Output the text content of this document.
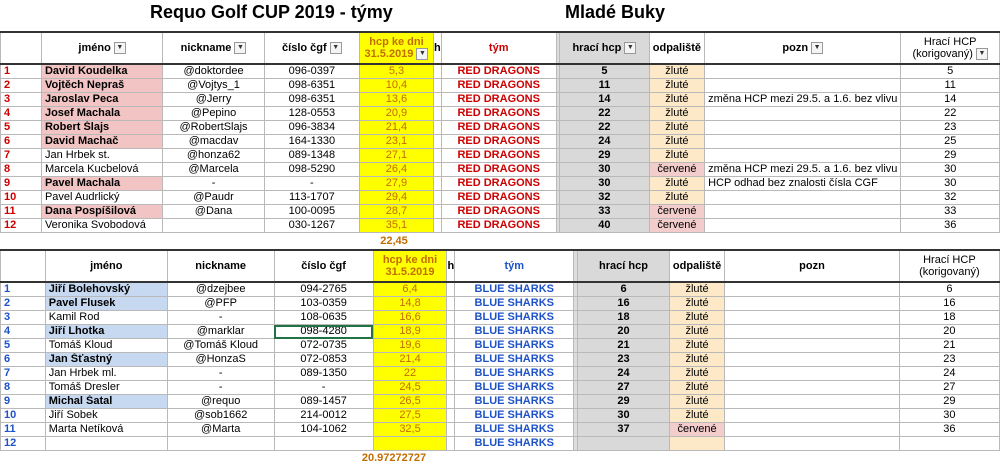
Requo Golf CUP 2019 - týmy	Mladé Buky
	jméno ▼	nickname ▼	číslo čgf ▼	hcp ke dni
31.5.2019 ▼	h	tým		hrací hcp ▼	odpaliště	pozn ▼	Hrací HCP
(korigovaný) ▼
1	David Koudelka	@doktordee	096-0397	5,3		RED DRAGONS		5	žluté		5
2	Vojtěch Nepraš	@Vojtys_1	098-6351	10,4		RED DRAGONS		11	žluté		11
3	Jaroslav Peca	@Jerry	098-6351	13,6		RED DRAGONS		14	žluté	změna HCP mezi 29.5. a 1.6. bez vlivu	14
4	Josef Machala	@Pepino	128-0553	20,9		RED DRAGONS		22	žluté		22
5	Robert Šlajs	@RobertSlajs	096-3834	21,4		RED DRAGONS		22	žluté		23
6	David Machač	@macdav	164-1330	23,1		RED DRAGONS		24	žluté		25
7	Jan Hrbek st.	@honza62	089-1348	27,1		RED DRAGONS		29	žluté		29
8	Marcela Kucbelová	@Marcela	098-5290	26,4		RED DRAGONS		30	červené	změna HCP mezi 29.5. a 1.6. bez vlivu	30
9	Pavel Machala	-	-	27,9		RED DRAGONS		30	žluté	HCP odhad bez znalosti čísla CGF	30
10	Pavel Audrlický	@Paudr	113-1707	29,4		RED DRAGONS		32	žluté		32
11	Dana Pospíšilová	@Dana	100-0095	28,7		RED DRAGONS		33	červené		33
12	Veronika Svobodová		030-1267	35,1		RED DRAGONS		40	červené		36
22,45
	jméno	nickname	číslo čgf	hcp ke dni
31.5.2019	h	tým		hrací hcp	odpaliště	pozn	Hrací HCP
(korigovaný)
1	Jiří Bolehovský	@dzejbee	094-2765	6,4		BLUE SHARKS		6	žluté		6
2	Pavel Flusek	@PFP	103-0359	14,8		BLUE SHARKS		16	žluté		16
3	Kamil Rod	-	108-0635	16,6		BLUE SHARKS		18	žluté		18
4	Jiří Lhotka	@marklar	098-4280	18,9		BLUE SHARKS		20	žluté		20
5	Tomáš Kloud	@Tomáš Kloud	072-0735	19,6		BLUE SHARKS		21	žluté		21
6	Jan Šťastný	@HonzaS	072-0853	21,4		BLUE SHARKS		23	žluté		23
7	Jan Hrbek ml.	-	089-1350	22		BLUE SHARKS		24	žluté		24
8	Tomáš Dresler	-	-	24,5		BLUE SHARKS		27	žluté		27
9	Michal Šatal	@requo	089-1457	26,5		BLUE SHARKS		29	žluté		29
10	Jiří Sobek	@sob1662	214-0012	27,5		BLUE SHARKS		30	žluté		30
11	Marta Netíková	@Marta	104-1062	32,5		BLUE SHARKS		37	červené		36
12						BLUE SHARKS					
20.97272727
